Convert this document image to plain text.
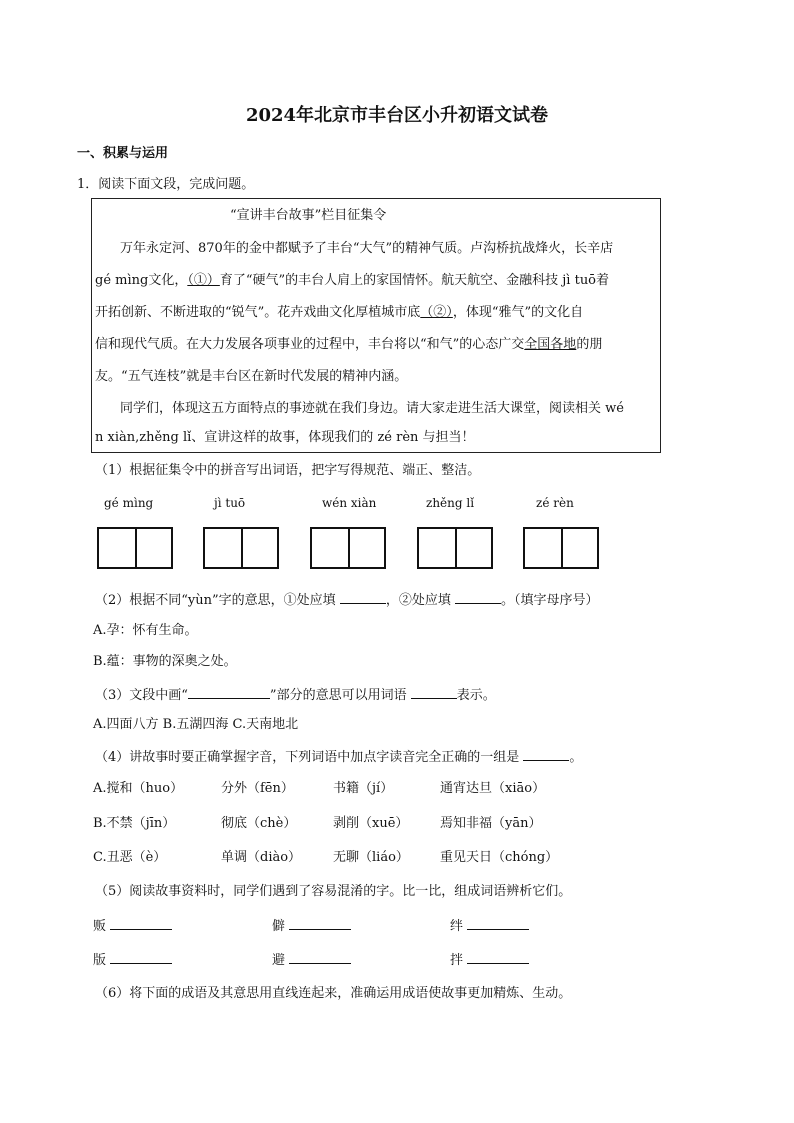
2024年北京市丰台区小升初语文试卷
一、积累与运用
1．阅读下面文段，完成问题。
“宣讲丰台故事”栏目征集令
万年永定河、870年的金中都赋予了丰台“大气”的精神气质。卢沟桥抗战烽火，长辛店
gé mìng文化，（①）育了“硬气”的丰台人肩上的家国情怀。航天航空、金融科技 jì tuō着
开拓创新、不断进取的“锐气”。花卉戏曲文化厚植城市底（②），体现“雅气”的文化自
信和现代气质。在大力发展各项事业的过程中，丰台将以“和气”的心态广交全国各地的朋
友。“五气连枝”就是丰台区在新时代发展的精神内涵。
同学们，体现这五方面特点的事迹就在我们身边。请大家走进生活大课堂，阅读相关 wé
n xiàn,zhěng lǐ、宣讲这样的故事，体现我们的 zé rèn 与担当！
（1）根据征集令中的拼音写出词语，把字写得规范、端正、整洁。
gé mìng	jì tuō	wén xiàn	zhěng lǐ	zé rèn
（2）根据不同“yùn”字的意思，①处应填	，②处应填	。（填字母序号）
A.孕：怀有生命。
B.蕴：事物的深奥之处。
（3）文段中画“	”部分的意思可以用词语	表示。
A.四面八方 B.五湖四海 C.天南地北
（4）讲故事时要正确掌握字音，下列词语中加点字读音完全正确的一组是	。
A.搅和（huo）	分外（fēn）	书籍（jí）	通宵达旦（xiāo）
B.不禁（jīn）	彻底（chè）	剥削（xuē） 焉知非福（yān）
C.丑恶（è）	单调（diào） 无聊（liáo） 重见天日（chóng）
（5）阅读故事资料时，同学们遇到了容易混淆的字。比一比，组成词语辨析它们。
贩	僻	绊
版	避	拌
（6）将下面的成语及其意思用直线连起来，准确运用成语使故事更加精炼、生动。
